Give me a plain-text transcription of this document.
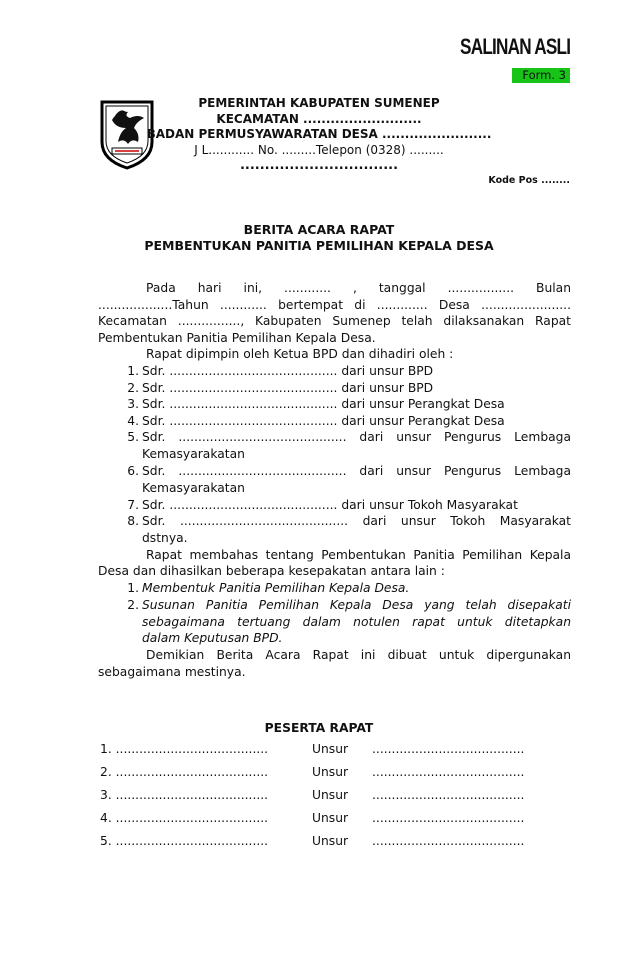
SALINAN ASLI
Form. 3
PEMERINTAH KABUPATEN SUMENEP
KECAMATAN ..........................
BADAN PERMUSYAWARATAN DESA ........................
J L............ No. .........Telepon (0328) .........
................................
Kode Pos ........
BERITA ACARA RAPAT
PEMBENTUKAN PANITIA PEMILIHAN KEPALA DESA
Pada hari ini, ............ , tanggal ................. Bulan
...................Tahun ............ bertempat di ............. Desa .......................
Kecamatan ................, Kabupaten Sumenep telah dilaksanakan Rapat
Pembentukan Panitia Pemilihan Kepala Desa.
Rapat dipimpin oleh Ketua BPD dan dihadiri oleh :
1. Sdr. ........................................... dari unsur BPD
2. Sdr. ........................................... dari unsur BPD
3. Sdr. ........................................... dari unsur Perangkat Desa
4. Sdr. ........................................... dari unsur Perangkat Desa
5. Sdr. ........................................... dari unsur Pengurus Lembaga
Kemasyarakatan
6. Sdr. ........................................... dari unsur Pengurus Lembaga
Kemasyarakatan
7. Sdr. ........................................... dari unsur Tokoh Masyarakat
8. Sdr. ........................................... dari unsur Tokoh Masyarakat
dstnya.
Rapat membahas tentang Pembentukan Panitia Pemilihan Kepala
Desa dan dihasilkan beberapa kesepakatan antara lain :
1. Membentuk Panitia Pemilihan Kepala Desa.
2. Susunan Panitia Pemilihan Kepala Desa yang telah disepakati
sebagaimana tertuang dalam notulen rapat untuk ditetapkan
dalam Keputusan BPD.
Demikian Berita Acara Rapat ini dibuat untuk dipergunakan
sebagaimana mestinya.
PESERTA RAPAT
1. .......................................	Unsur .......................................
2. .......................................	Unsur .......................................
3. .......................................	Unsur .......................................
4. .......................................	Unsur .......................................
5. .......................................	Unsur .......................................
